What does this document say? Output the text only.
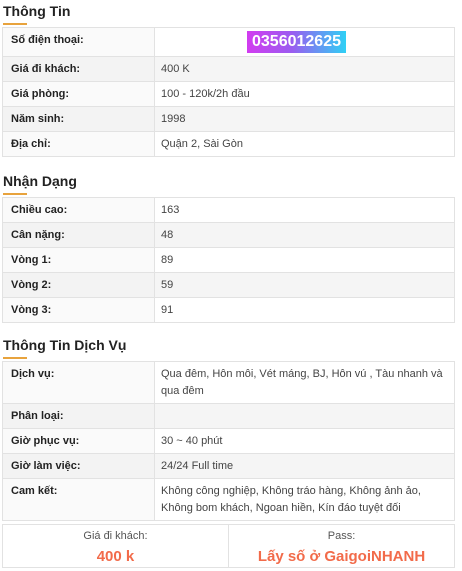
Thông Tin
Số điện thoại:	0356012625
Giá đi khách:	400 K
Giá phòng:	100 - 120k/2h đầu
Năm sinh:	1998
Địa chỉ:	Quận 2, Sài Gòn
Nhận Dạng
Chiều cao:	163
Cân nặng:	48
Vòng 1:	89
Vòng 2:	59
Vòng 3:	91
Thông Tin Dịch Vụ
Dịch vụ:	Qua đêm, Hôn môi, Vét máng, BJ, Hôn vú , Tàu nhanh và qua đêm
Phân loại:	
Giờ phục vụ:	30 ~ 40 phút
Giờ làm việc:	24/24 Full time
Cam kết:	Không công nghiệp, Không tráo hàng, Không ảnh ảo, Không bom khách, Ngoan hiền, Kín đáo tuyệt đối
Giá đi khách:
400 k
Pass:
Lấy số ở GaigoiNHANH
